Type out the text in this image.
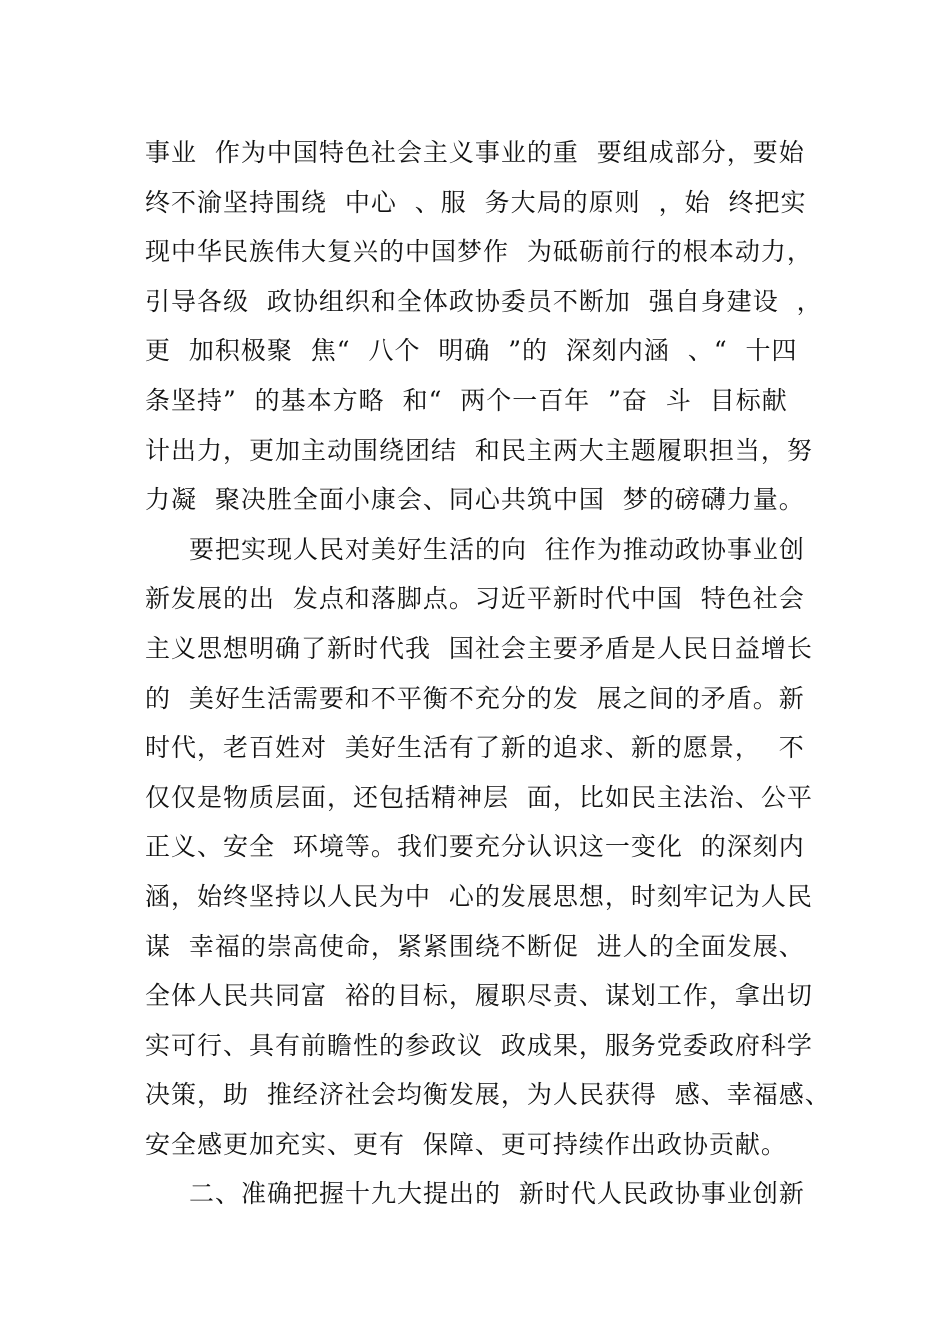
事业  作为中国特色社会主义事业的重  要组成部分，要始
终不渝坚持围绕  中心  、服  务大局的原则  ，始  终把实
现中华民族伟大复兴的中国梦作  为砥砺前行的根本动力，
引导各级  政协组织和全体政协委员不断加  强自身建设  ，
更  加积极聚  焦“  八个  明确  ”的  深刻内涵  、“  十四
条坚持”  的基本方略  和“  两个一百年  ”奋  斗  目标献
计出力，更加主动围绕团结  和民主两大主题履职担当，努
力凝  聚决胜全面小康会、同心共筑中国  梦的磅礴力量。
要把实现人民对美好生活的向  往作为推动政协事业创
新发展的出  发点和落脚点。习近平新时代中国  特色社会
主义思想明确了新时代我  国社会主要矛盾是人民日益增长
的  美好生活需要和不平衡不充分的发  展之间的矛盾。新
时代，老百姓对  美好生活有了新的追求、新的愿景，  不
仅仅是物质层面，还包括精神层  面，比如民主法治、公平
正义、安全  环境等。我们要充分认识这一变化  的深刻内
涵，始终坚持以人民为中  心的发展思想，时刻牢记为人民
谋  幸福的崇高使命，紧紧围绕不断促  进人的全面发展、
全体人民共同富  裕的目标，履职尽责、谋划工作，拿出切
实可行、具有前瞻性的参政议  政成果，服务党委政府科学
决策，助  推经济社会均衡发展，为人民获得  感、幸福感、
安全感更加充实、更有  保障、更可持续作出政协贡献。
二、准确把握十九大提出的  新时代人民政协事业创新
